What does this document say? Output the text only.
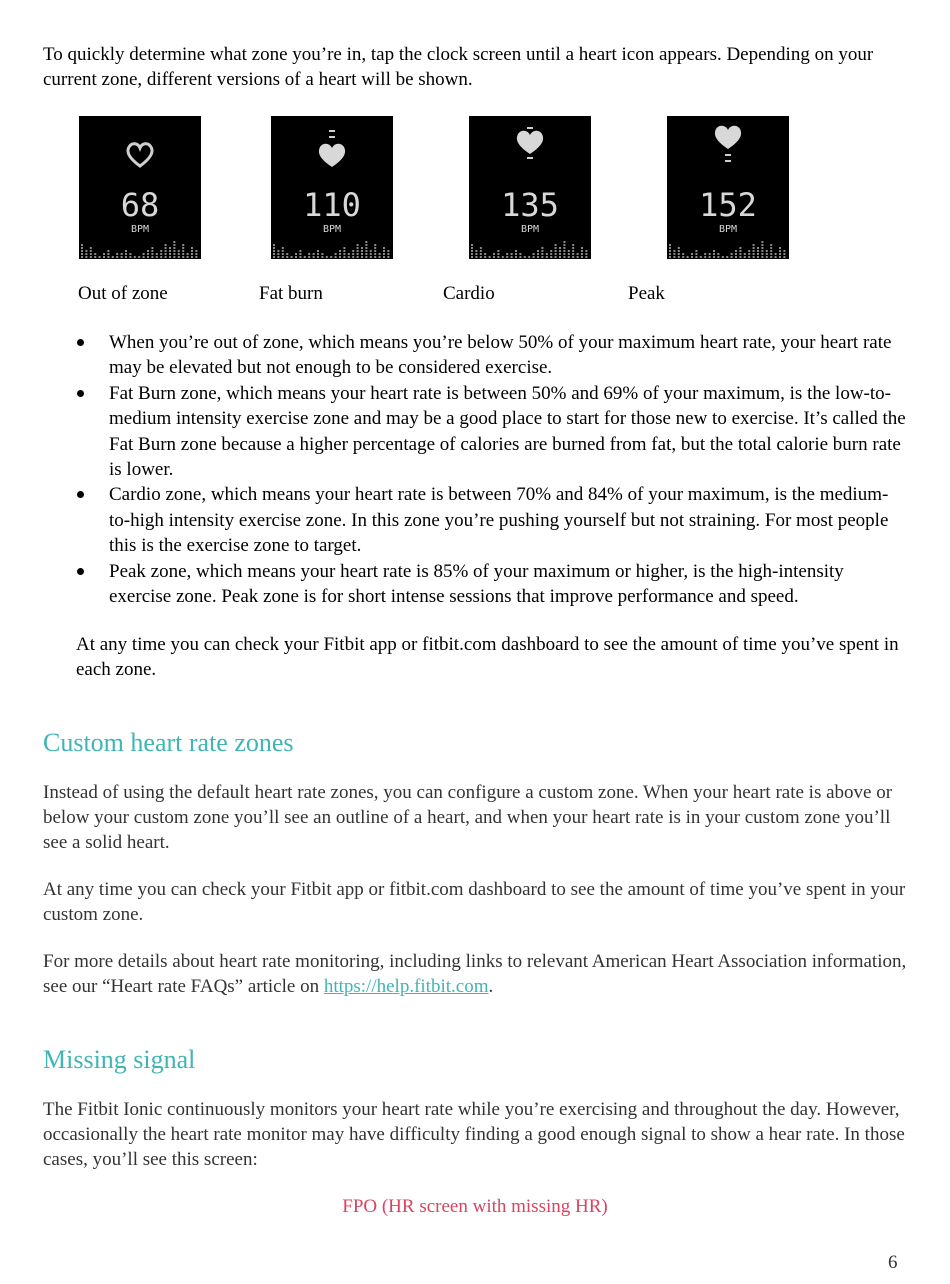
To quickly determine what zone you’re in, tap the clock screen until a heart icon appears. Depending on your current zone, different versions of a heart will be shown.

68
BPM
Out of zone
110
BPM
Fat burn
135
BPM
Cardio
152
BPM
Peak
When you’re out of zone, which means you’re below 50% of your maximum heart rate, your heart rate may be elevated but not enough to be considered exercise.
Fat Burn zone, which means your heart rate is between 50% and 69% of your maximum, is the low-to-medium intensity exercise zone and may be a good place to start for those new to exercise. It’s called the Fat Burn zone because a higher percentage of calories are burned from fat, but the total calorie burn rate is lower.
Cardio zone, which means your heart rate is between 70% and 84% of your maximum, is the medium-to-high intensity exercise zone. In this zone you’re pushing yourself but not straining. For most people this is the exercise zone to target.
Peak zone, which means your heart rate is 85% of your maximum or higher, is the high-intensity exercise zone. Peak zone is for short intense sessions that improve performance and speed.

At any time you can check your Fitbit app or fitbit.com dashboard to see the amount of time you’ve spent in each zone.

Custom heart rate zones

Instead of using the default heart rate zones, you can configure a custom zone. When your heart rate is above or below your custom zone you’ll see an outline of a heart, and when your heart rate is in your custom zone you’ll see a solid heart.

At any time you can check your Fitbit app or fitbit.com dashboard to see the amount of time you’ve spent in your custom zone.

For more details about heart rate monitoring, including links to relevant American Heart Association information, see our “Heart rate FAQs” article on https://help.fitbit.com.

Missing signal

The Fitbit Ionic continuously monitors your heart rate while you’re exercising and throughout the day. However, occasionally the heart rate monitor may have difficulty finding a good enough signal to show a hear rate. In those cases, you’ll see this screen:

FPO (HR screen with missing HR)
6
